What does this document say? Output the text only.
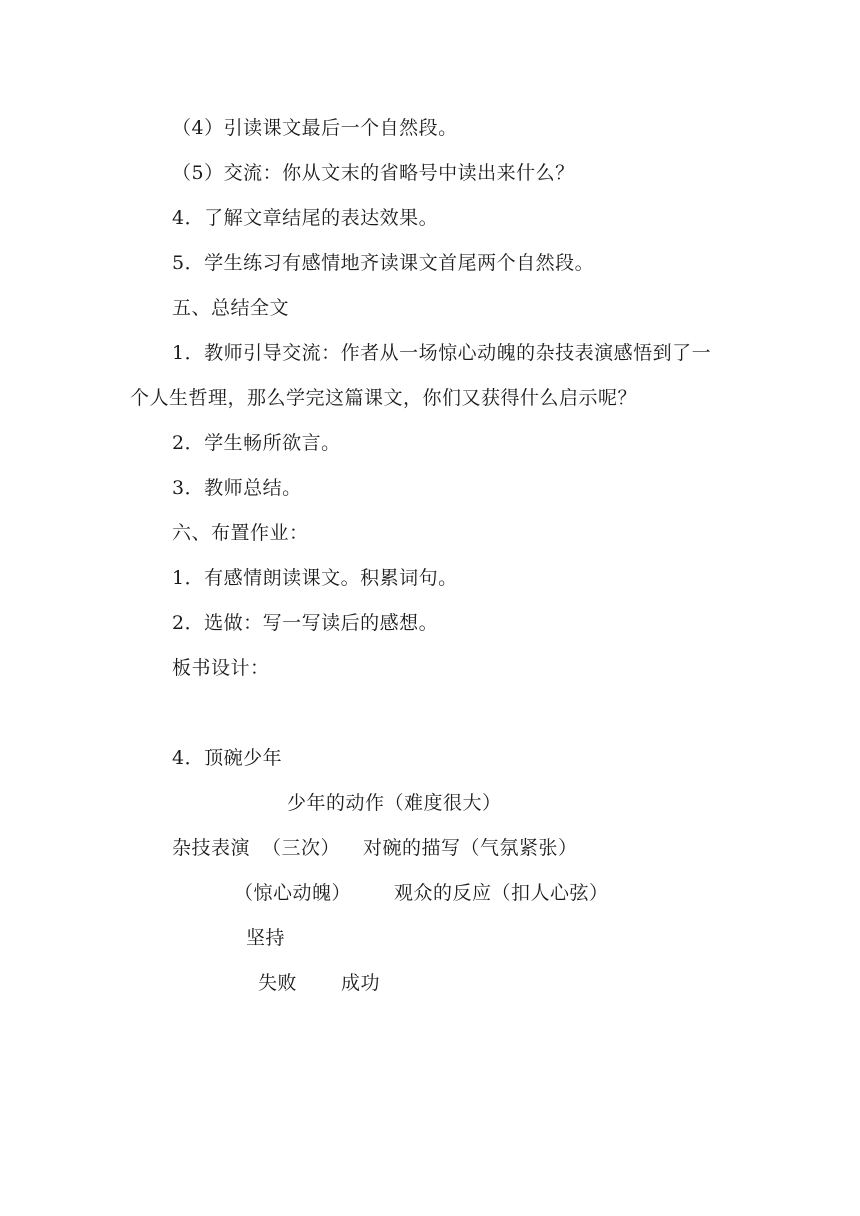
（4）引读课文最后一个自然段。
（5）交流：你从文末的省略号中读出来什么？
4．了解文章结尾的表达效果。
5．学生练习有感情地齐读课文首尾两个自然段。
五、总结全文
1．教师引导交流：作者从一场惊心动魄的杂技表演感悟到了一
个人生哲理，那么学完这篇课文，你们又获得什么启示呢？
2．学生畅所欲言。
3．教师总结。
六、布置作业：
1．有感情朗读课文。积累词句。
2．选做：写一写读后的感想。
板书设计：
4．顶碗少年
少年的动作（难度很大）
杂技表演 （三次） 对碗的描写（气氛紧张）
（惊心动魄） 观众的反应（扣人心弦）
坚持
失败 成功
